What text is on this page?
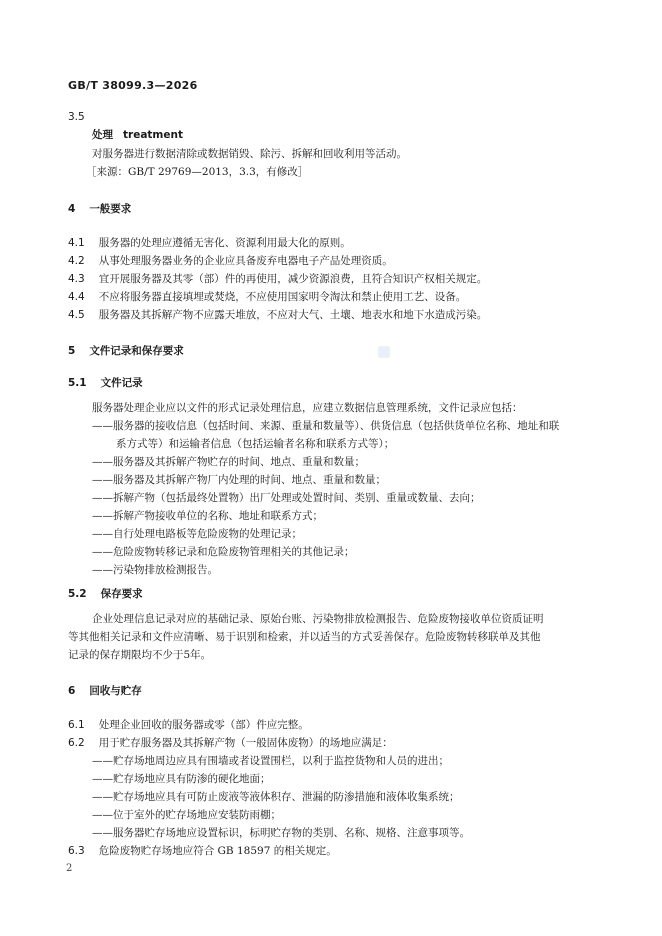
GB/T 38099.3—2026
3.5
处理 treatment
对服务器进行数据清除或数据销毁、除污、拆解和回收利用等活动。
［来源：GB/T 29769—2013，3.3，有修改］
4 一般要求
4.1 服务器的处理应遵循无害化、资源利用最大化的原则。
4.2 从事处理服务器业务的企业应具备废弃电器电子产品处理资质。
4.3 宜开展服务器及其零（部）件的再使用，减少资源浪费，且符合知识产权相关规定。
4.4 不应将服务器直接填埋或焚烧，不应使用国家明令淘汰和禁止使用工艺、设备。
4.5 服务器及其拆解产物不应露天堆放，不应对大气、土壤、地表水和地下水造成污染。
5 文件记录和保存要求
5.1 文件记录
服务器处理企业应以文件的形式记录处理信息，应建立数据信息管理系统，文件记录应包括：
——服务器的接收信息（包括时间、来源、重量和数量等）、供货信息（包括供货单位名称、地址和联
系方式等）和运输者信息（包括运输者名称和联系方式等）；
——服务器及其拆解产物贮存的时间、地点、重量和数量；
——服务器及其拆解产物厂内处理的时间、地点、重量和数量；
——拆解产物（包括最终处置物）出厂处理或处置时间、类别、重量或数量、去向；
——拆解产物接收单位的名称、地址和联系方式；
——自行处理电路板等危险废物的处理记录；
——危险废物转移记录和危险废物管理相关的其他记录；
——污染物排放检测报告。
5.2 保存要求
企业处理信息记录对应的基础记录、原始台账、污染物排放检测报告、危险废物接收单位资质证明
等其他相关记录和文件应清晰、易于识别和检索，并以适当的方式妥善保存。危险废物转移联单及其他
记录的保存期限均不少于5年。
6 回收与贮存
6.1 处理企业回收的服务器或零（部）件应完整。
6.2 用于贮存服务器及其拆解产物（一般固体废物）的场地应满足：
——贮存场地周边应具有围墙或者设置围栏，以利于监控货物和人员的进出；
——贮存场地应具有防渗的硬化地面；
——贮存场地应具有可防止废液等液体积存、泄漏的防渗措施和液体收集系统；
——位于室外的贮存场地应安装防雨棚；
——服务器贮存场地应设置标识，标明贮存物的类别、名称、规格、注意事项等。
6.3 危险废物贮存场地应符合 GB 18597 的相关规定。
2
